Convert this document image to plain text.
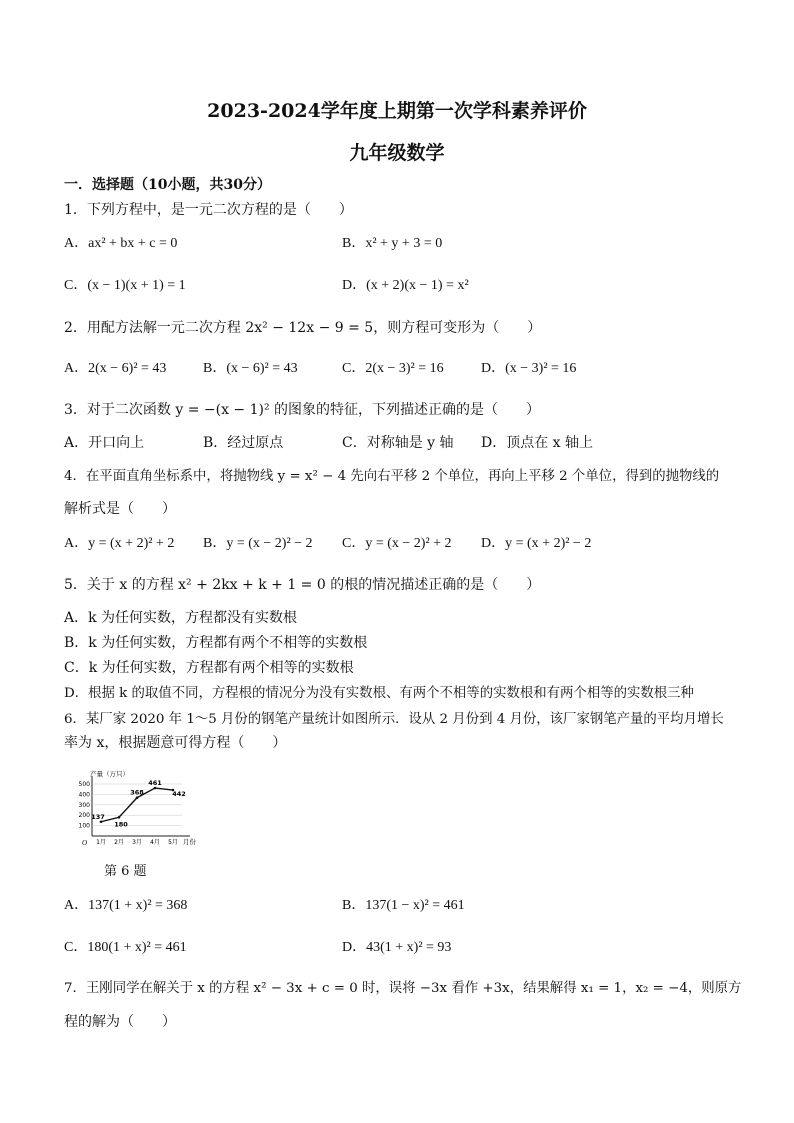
2023-2024学年度上期第一次学科素养评价
九年级数学
一．选择题（10小题，共30分）
1．下列方程中，是一元二次方程的是（　　）
A．ax² + bx + c = 0	B．x² + y + 3 = 0
C．(x − 1)(x + 1) = 1	D．(x + 2)(x − 1) = x²
2．用配方法解一元二次方程 2x² − 12x − 9 = 5，则方程可变形为（　　）
A．2(x − 6)² = 43	B．(x − 6)² = 43	C．2(x − 3)² = 16	D．(x − 3)² = 16
3．对于二次函数 y = −(x − 1)² 的图象的特征，下列描述正确的是（　　）
A．开口向上	B．经过原点	C．对称轴是 y 轴 D．顶点在 x 轴上
4．在平面直角坐标系中，将抛物线 y = x² − 4 先向右平移 2 个单位，再向上平移 2 个单位，得到的抛物线的
解析式是（　　）
A．y = (x + 2)² + 2 B．y = (x − 2)² − 2 C．y = (x − 2)² + 2 D．y = (x + 2)² − 2
5．关于 x 的方程 x² + 2kx + k + 1 = 0 的根的情况描述正确的是（　　）
A．k 为任何实数，方程都没有实数根
B．k 为任何实数，方程都有两个不相等的实数根
C．k 为任何实数，方程都有两个相等的实数根
D．根据 k 的取值不同，方程根的情况分为没有实数根、有两个不相等的实数根和有两个相等的实数根三种
6．某厂家 2020 年 1～5 月份的钢笔产量统计如图所示．设从 2 月份到 4 月份，该厂家钢笔产量的平均月增长
率为 x，根据题意可得方程（　　）
产量（万只）
月份
O
100
200
300
400
500
1月 2月 3月 4月 5月
137
180
368
461
442
第 6 题
A．137(1 + x)² = 368	B．137(1 − x)² = 461
C．180(1 + x)² = 461	D．43(1 + x)² = 93
7．王刚同学在解关于 x 的方程 x² − 3x + c = 0 时，误将 −3x 看作 +3x，结果解得 x₁ = 1，x₂ = −4，则原方
程的解为（　　）
